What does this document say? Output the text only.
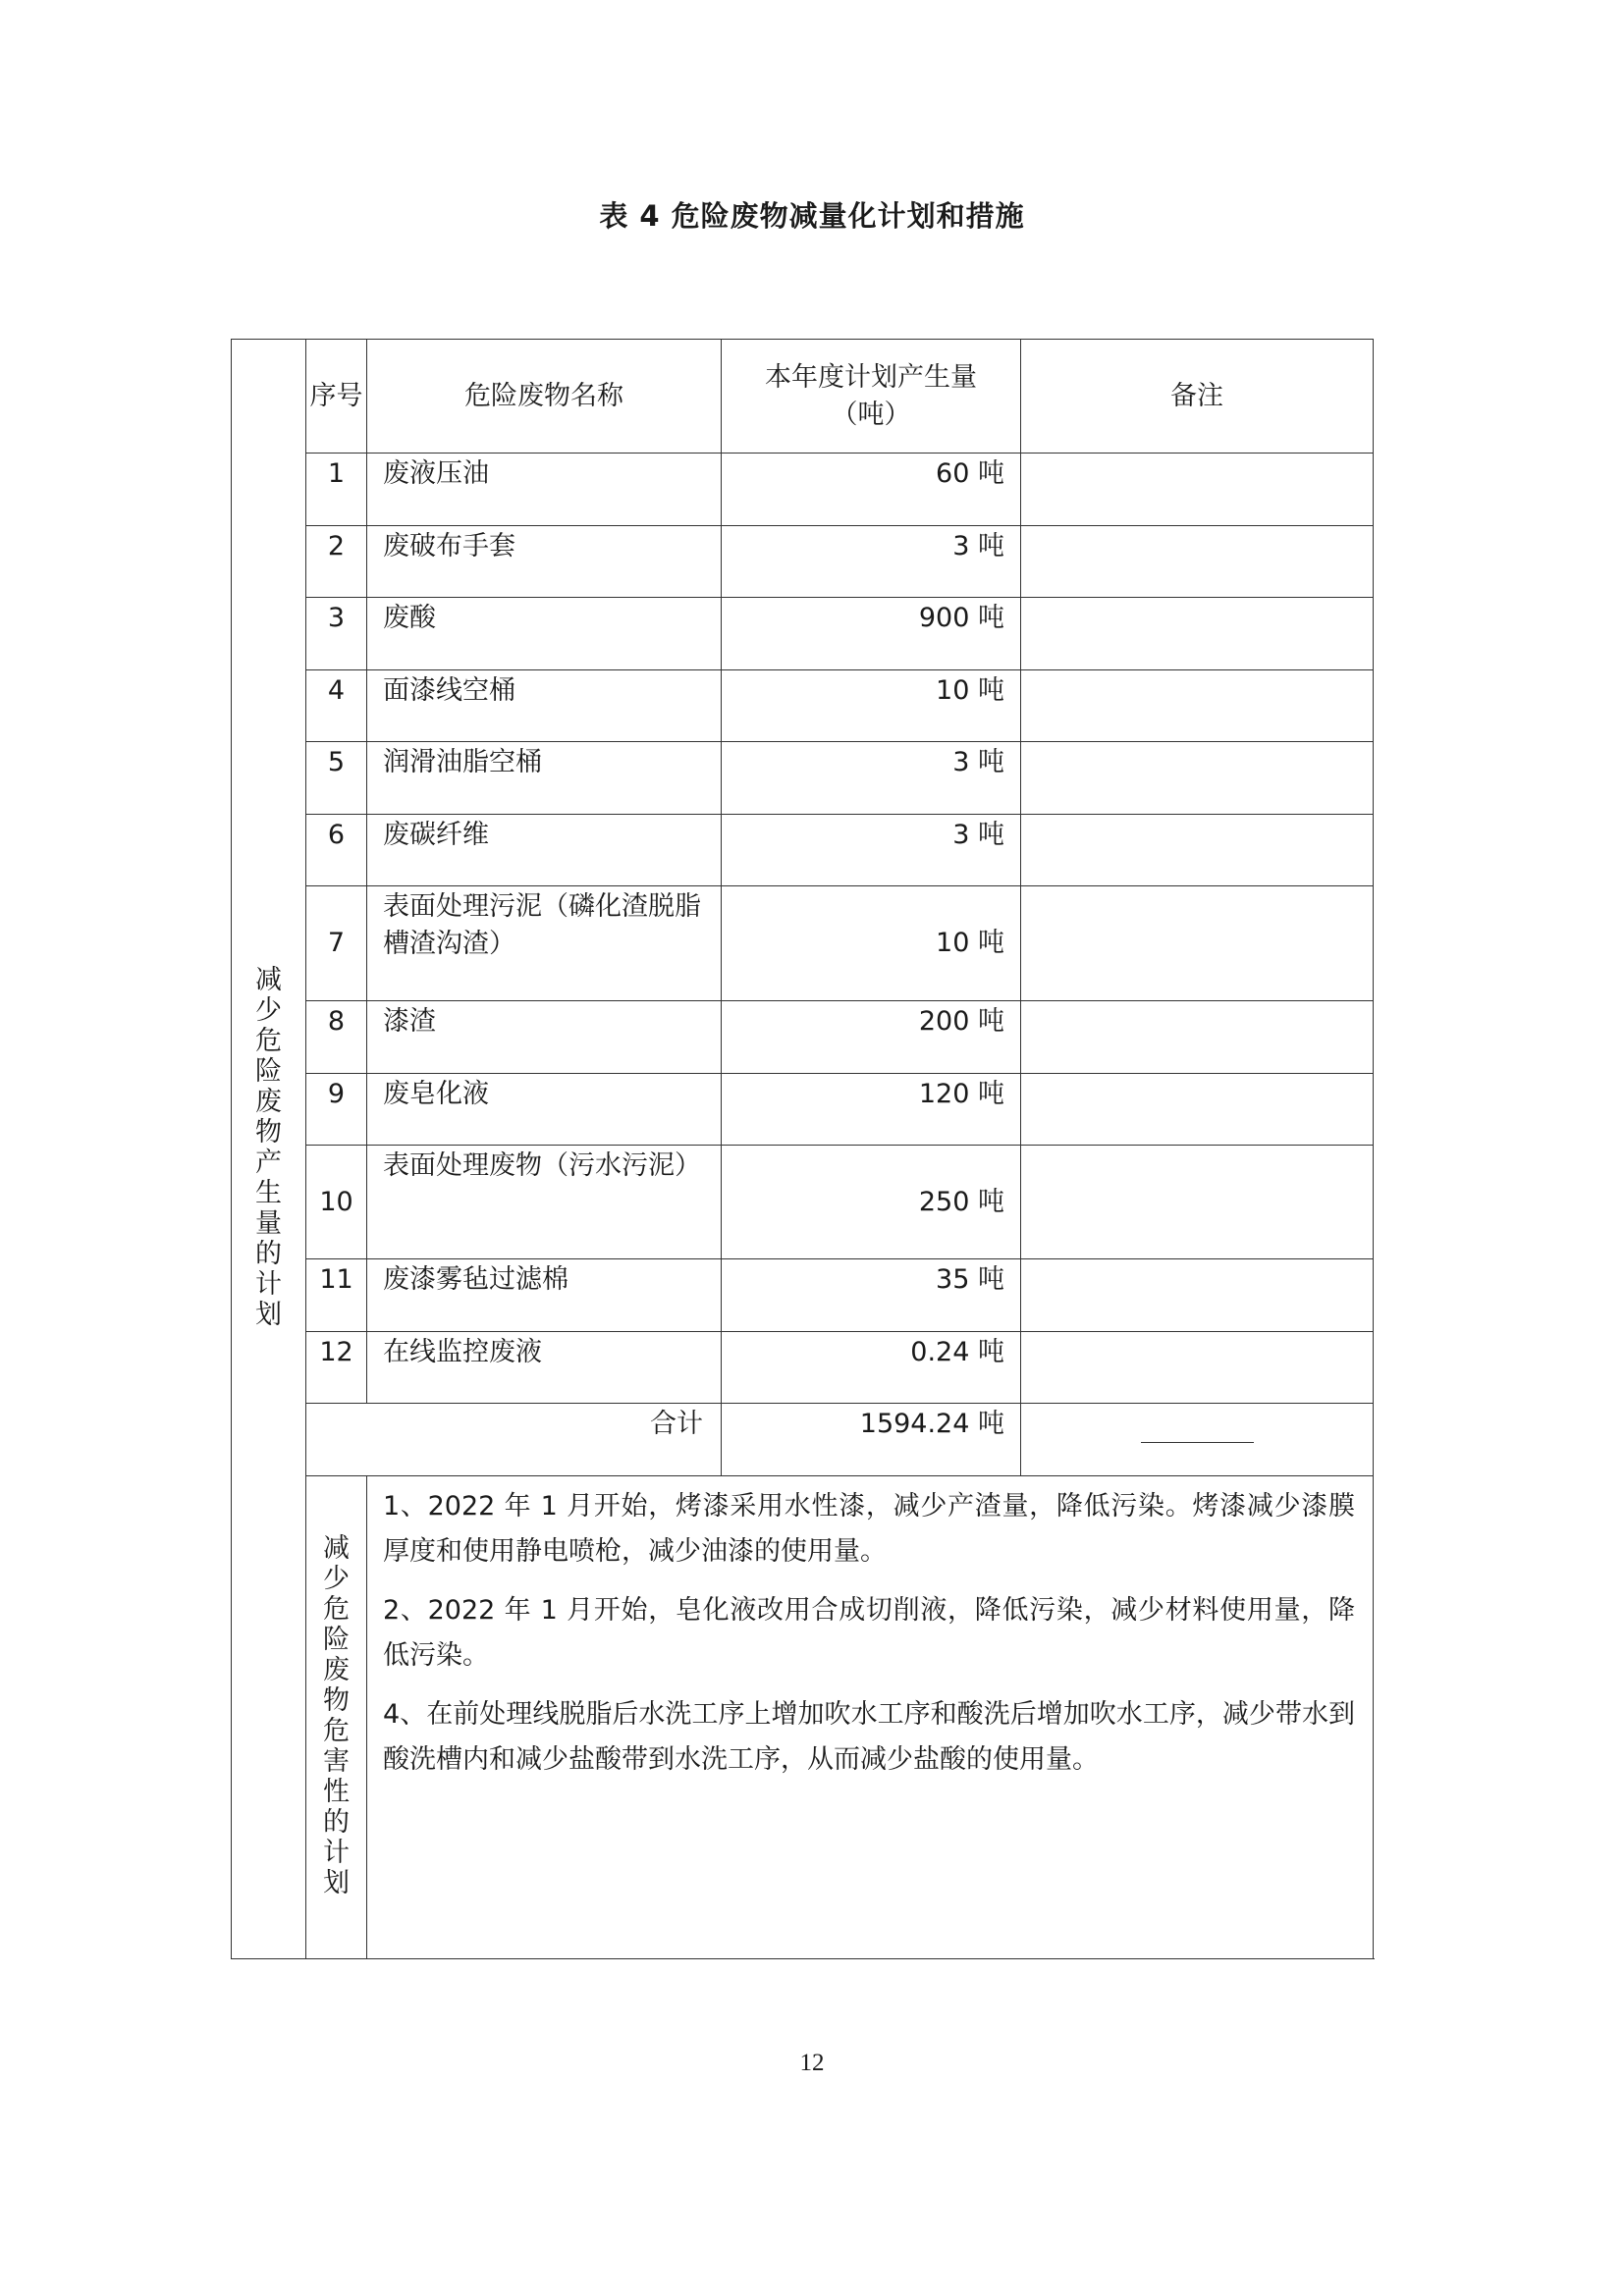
表 4 危险废物减量化计划和措施
减少危险废物产生量的计划	序号	危险废物名称	本年度计划产生量（吨）	备注
	1	废液压油	60 吨	
	2	废破布手套	3 吨	
	3	废酸	900 吨	
	4	面漆线空桶	10 吨	
	5	润滑油脂空桶	3 吨	
	6	废碳纤维	3 吨	
	7	表面处理污泥（磷化渣脱脂槽渣沟渣）	10 吨	
	8	漆渣	200 吨	
	9	废皂化液	120 吨	
	10	表面处理废物（污水污泥）	250 吨	
	11	废漆雾毡过滤棉	35 吨	
	12	在线监控废液	0.24 吨	
	合计		1594.24 吨	
	减少危险废物危害性的计划	1、2022 年 1 月开始，烤漆采用水性漆，减少产渣量，降低污染。烤漆减少漆膜厚度和使用静电喷枪，减少油漆的使用量。

2、2022 年 1 月开始，皂化液改用合成切削液，降低污染，减少材料使用量，降低污染。

4、在前处理线脱脂后水洗工序上增加吹水工序和酸洗后增加吹水工序，减少带水到酸洗槽内和减少盐酸带到水洗工序，从而减少盐酸的使用量。		

12
